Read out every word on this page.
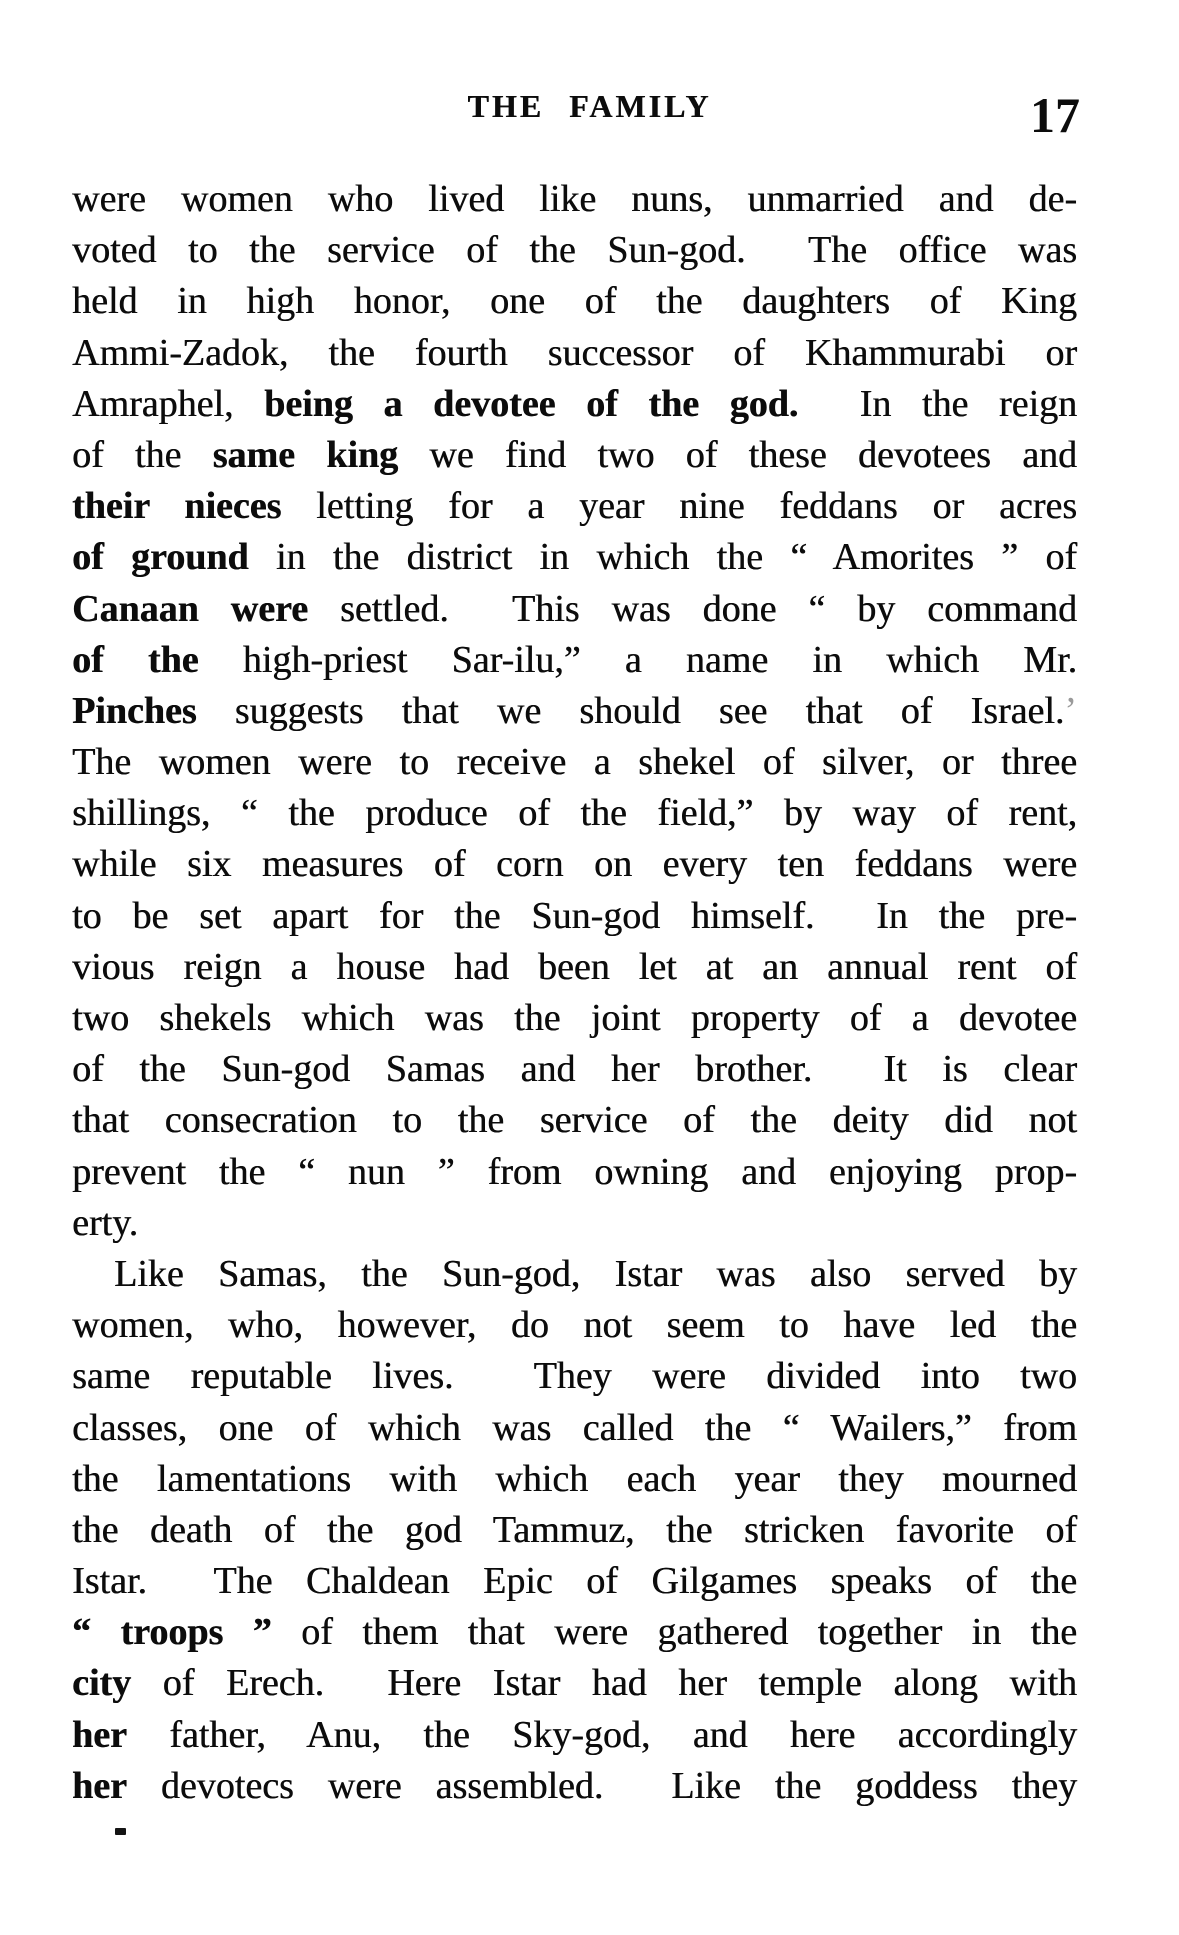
THE FAMILY	17
were women who lived like nuns, unmarried and de-
voted to the service of the Sun-god.  The office was
held in high honor, one of the daughters of King
Ammi-Zadok, the fourth successor of Khammurabi or
Amraphel, being a devotee of the god.  In the reign
of the same king we find two of these devotees and
their nieces letting for a year nine feddans or acres
of ground in the district in which the “ Amorites ” of
Canaan were settled.  This was done “ by command
of the high-priest Sar-ilu,” a name in which Mr.
Pinches suggests that we should see that of Israel.’
The women were to receive a shekel of silver, or three
shillings, “ the produce of the field,” by way of rent,
while six measures of corn on every ten feddans were
to be set apart for the Sun-god himself.  In the pre-
vious reign a house had been let at an annual rent of
two shekels which was the joint property of a devotee
of the Sun-god Samas and her brother.  It is clear
that consecration to the service of the deity did not
prevent the “ nun ” from owning and enjoying prop-
erty.
Like Samas, the Sun-god, Istar was also served by
women, who, however, do not seem to have led the
same reputable lives.  They were divided into two
classes, one of which was called the “ Wailers,” from
the lamentations with which each year they mourned
the death of the god Tammuz, the stricken favorite of
Istar.  The Chaldean Epic of Gilgames speaks of the
“ troops ” of them that were gathered together in the
city of Erech.  Here Istar had her temple along with
her father, Anu, the Sky-god, and here accordingly
her devotecs were assembled.  Like the goddess they
